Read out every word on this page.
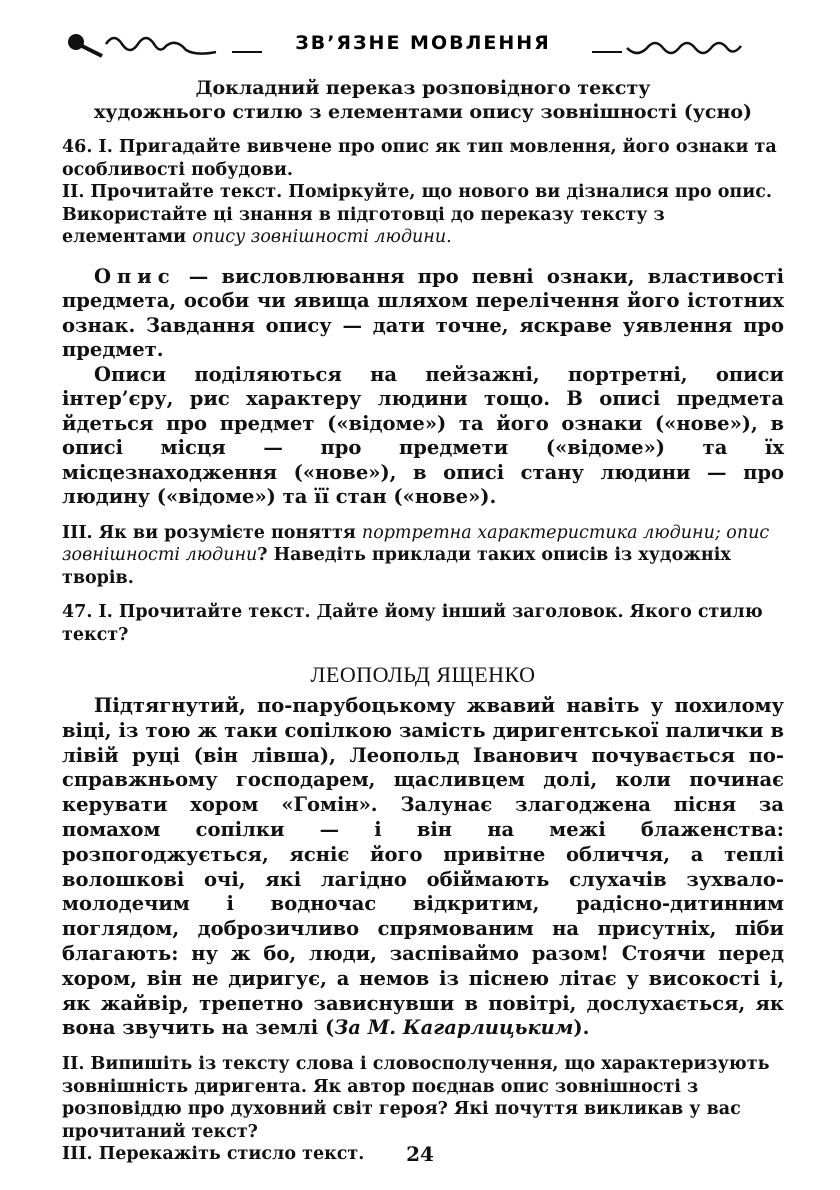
ЗВ’ЯЗНЕ МОВЛЕННЯ
Докладний переказ розповідного тексту
художнього стилю з елементами опису зовнішності (усно)

46. І. Пригадайте вивчене про опис як тип мовлення, його ознаки та особливості побудови.

ІІ. Прочитайте текст. Поміркуйте, що нового ви дізналися про опис. Використайте ці знання в підготовці до переказу тексту з елементами опису зовнішності людини.

Опис — висловлювання про певні ознаки, властивості предмета, особи чи явища шляхом перелічення його істотних ознак. Завдання опису — дати точне, яскраве уявлення про предмет.

Описи поділяються на пейзажні, портретні, описи інтер’єру, рис характеру людини тощо. В описі предмета йдеться про предмет («відоме») та його ознаки («нове»), в описі місця — про предмети («відоме») та їх місцезнаходження («нове»), в описі стану людини — про людину («відоме») та її стан («нове»).

ІІІ. Як ви розумієте поняття портретна характеристика людини; опис зовнішності людини? Наведіть приклади таких описів із художніх творів.

47. І. Прочитайте текст. Дайте йому інший заголовок. Якого стилю текст?

ЛЕОПОЛЬД ЯЩЕНКО

Підтягнутий, по-парубоцькому жвавий навіть у похилому віці, із тою ж таки сопілкою замість диригентської палички в лівій руці (він лівша), Леопольд Іванович почувається по-справжньому господарем, щасливцем долі, коли починає керувати хором «Гомін». Залунає злагоджена пісня за помахом сопілки — і він на межі блаженства: розпогоджується, ясніє його привітне обличчя, а теплі волошкові очі, які лагідно обіймають слухачів зухвало-молодечим і водночас відкритим, радісно-дитинним поглядом, доброзичливо спрямованим на присутніх, піби благають: ну ж бо, люди, заспіваймо разом! Стоячи перед хором, він не диригує, а немов із піснею літає у високості і, як жайвір, трепетно зависнувши в повітрі, дослухається, як вона звучить на землі (За М. Кагарлицьким).

ІІ. Випишіть із тексту слова і словосполучення, що характеризують зовнішність диригента. Як автор поєднав опис зовнішності з розповіддю про духовний світ героя? Які почуття викликав у вас прочитаний текст?

ІІІ. Перекажіть стисло текст.	24
